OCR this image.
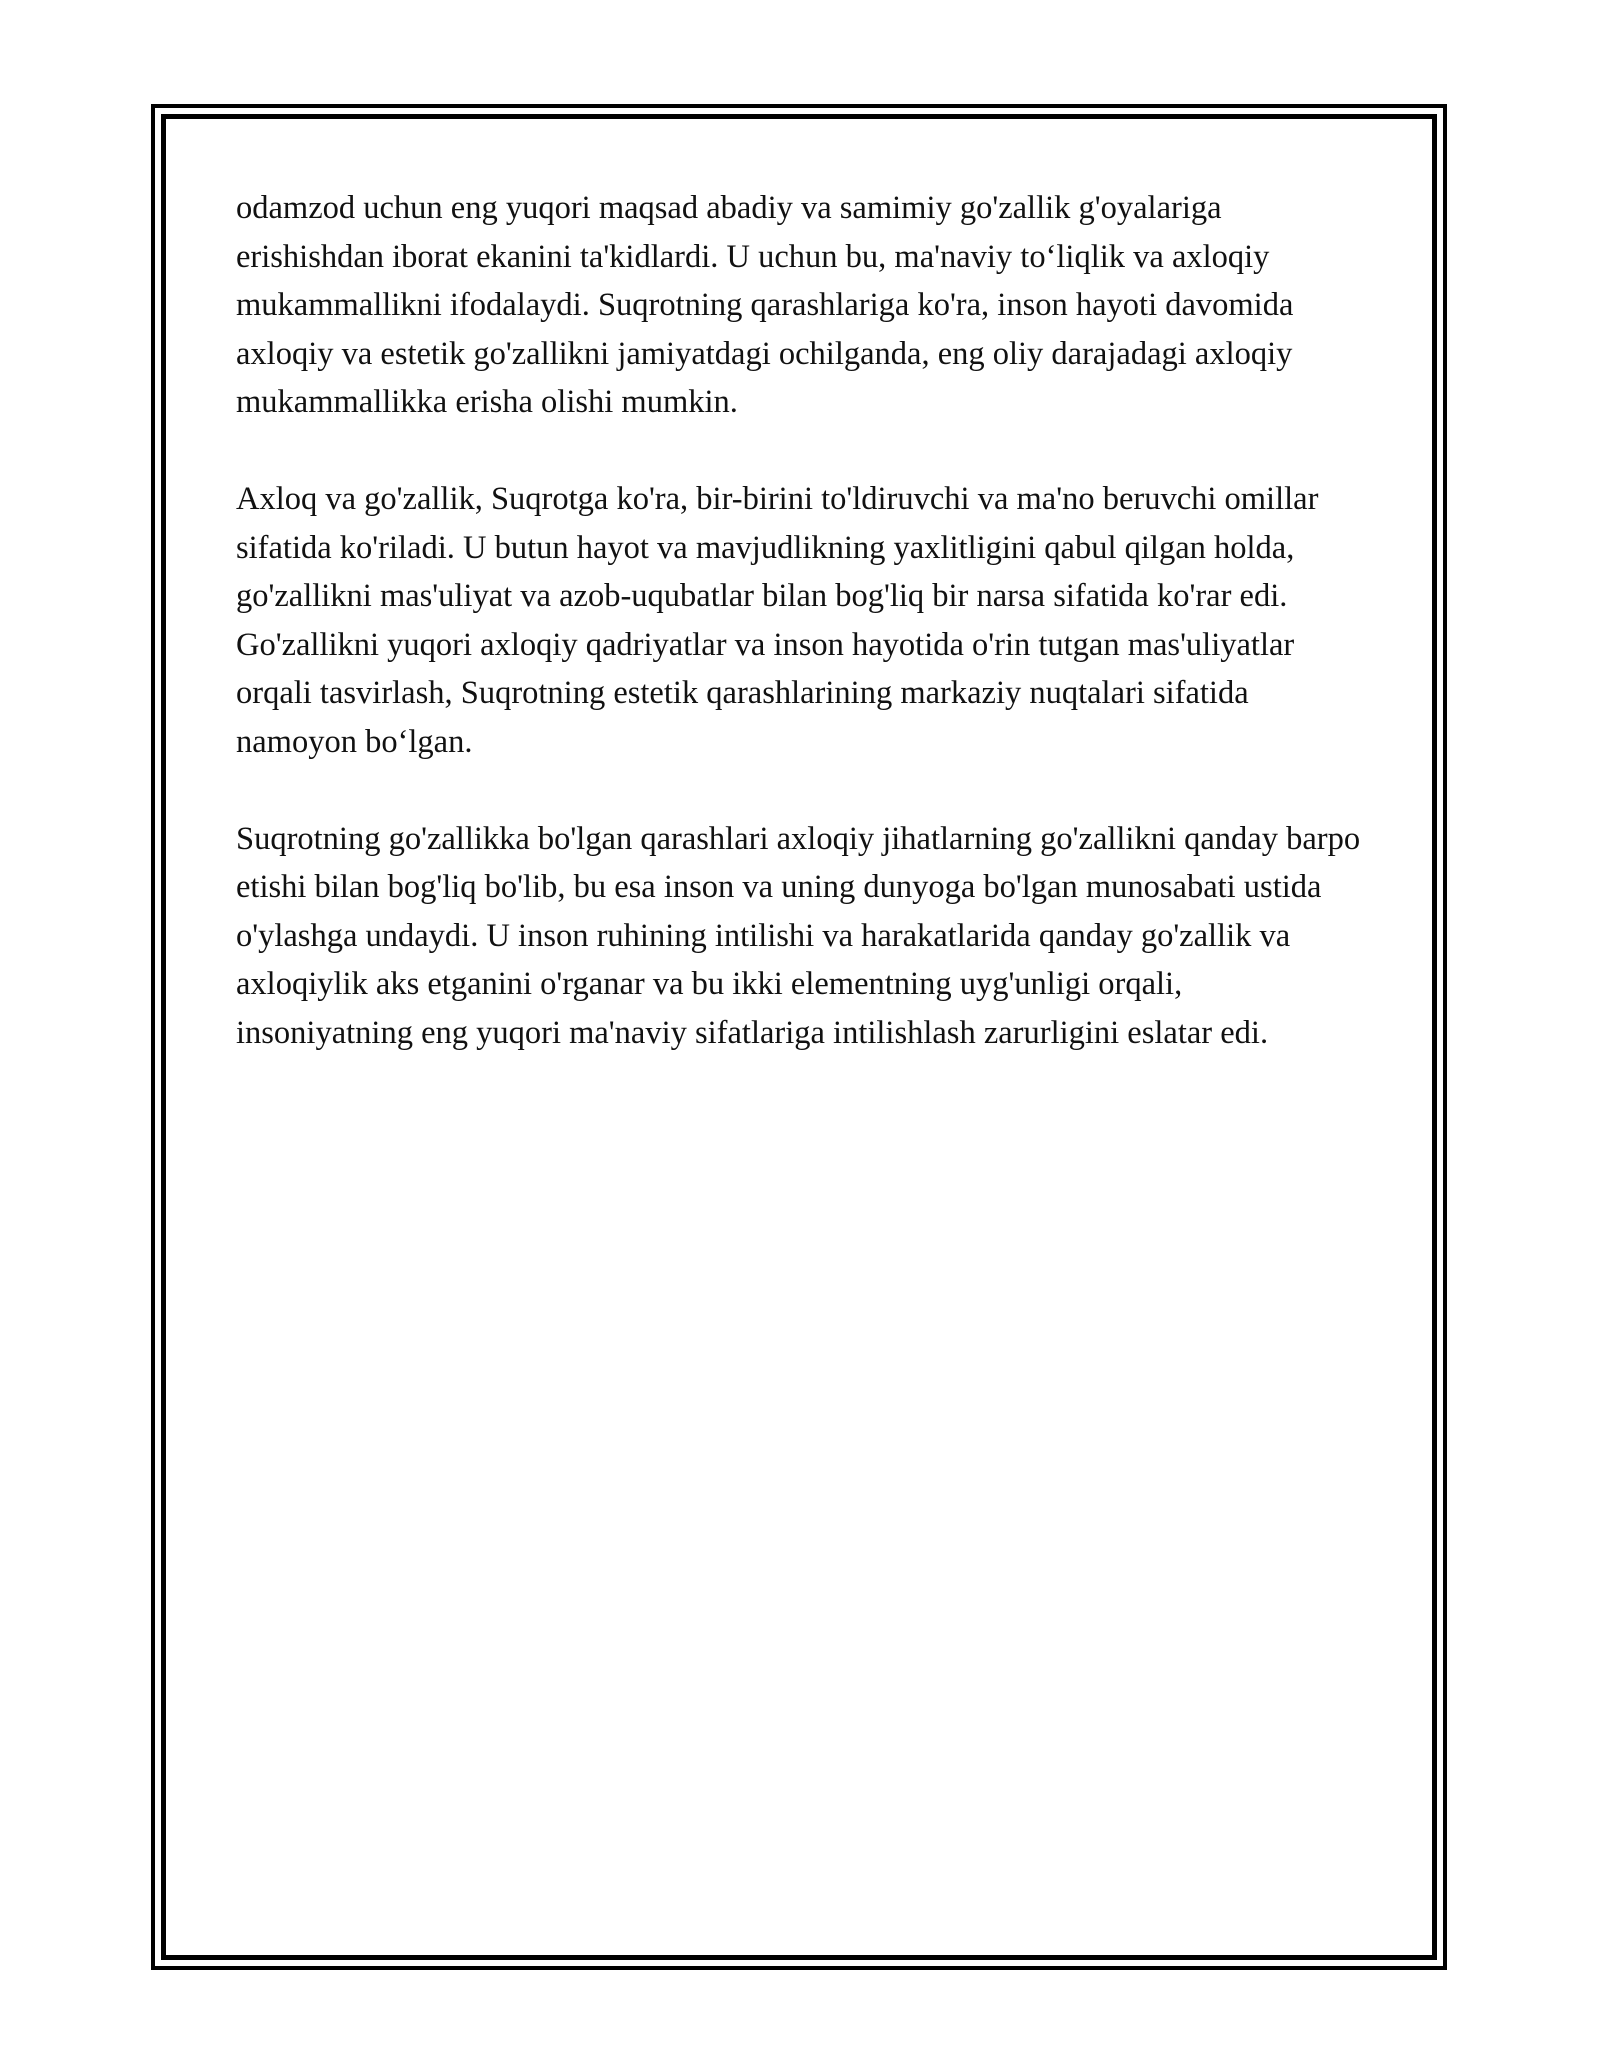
odamzod uchun eng yuqori maqsad abadiy va samimiy go'zallik g'oyalariga erishishdan iborat ekanini ta'kidlardi. U uchun bu, ma'naviy to‘liqlik va axloqiy mukammallikni ifodalaydi. Suqrotning qarashlariga ko'ra, inson hayoti davomida axloqiy va estetik go'zallikni jamiyatdagi ochilganda, eng oliy darajadagi axloqiy mukammallikka erisha olishi mumkin.

Axloq va go'zallik, Suqrotga ko'ra, bir-birini to'ldiruvchi va ma'no beruvchi omillar sifatida ko'riladi. U butun hayot va mavjudlikning yaxlitligini qabul qilgan holda, go'zallikni mas'uliyat va azob-uqubatlar bilan bog'liq bir narsa sifatida ko'rar edi. Go'zallikni yuqori axloqiy qadriyatlar va inson hayotida o'rin tutgan mas'uliyatlar orqali tasvirlash, Suqrotning estetik qarashlarining markaziy nuqtalari sifatida namoyon bo‘lgan.

Suqrotning go'zallikka bo'lgan qarashlari axloqiy jihatlarning go'zallikni qanday barpo etishi bilan bog'liq bo'lib, bu esa inson va uning dunyoga bo'lgan munosabati ustida o'ylashga undaydi. U inson ruhining intilishi va harakatlarida qanday go'zallik va axloqiylik aks etganini o'rganar va bu ikki elementning uyg'unligi orqali, insoniyatning eng yuqori ma'naviy sifatlariga intilishlash zarurligini eslatar edi.
